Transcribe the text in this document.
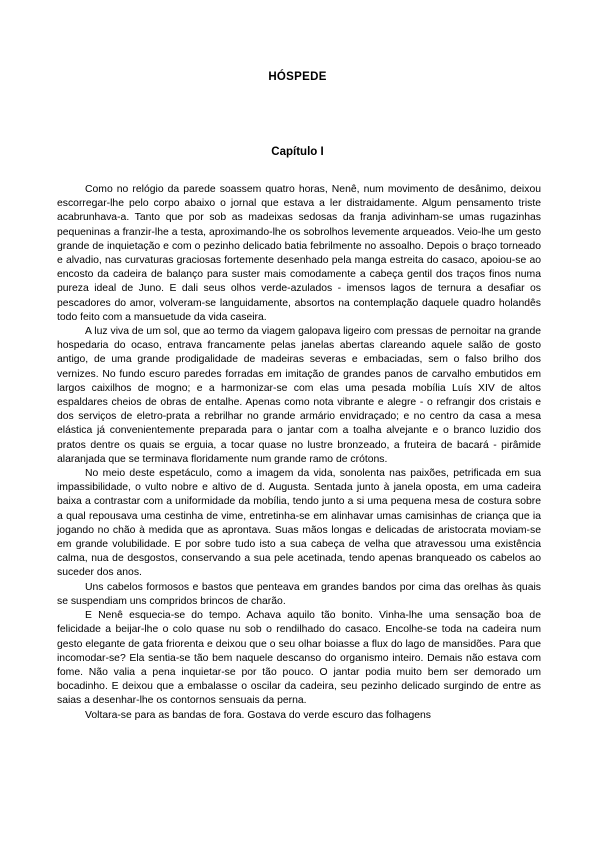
HÓSPEDE
Capítulo I

Como no relógio da parede soassem quatro horas, Nenê, num movimento de desânimo, deixou escorregar-lhe pelo corpo abaixo o jornal que estava a ler distraidamente. Algum pensamento triste acabrunhava-a. Tanto que por sob as madeixas sedosas da franja adivinham-se umas rugazinhas pequeninas a franzir-lhe a testa, aproximando-lhe os sobrolhos levemente arqueados. Veio-lhe um gesto grande de inquietação e com o pezinho delicado batia febrilmente no assoalho. Depois o braço torneado e alvadio, nas curvaturas graciosas fortemente desenhado pela manga estreita do casaco, apoiou-se ao encosto da cadeira de balanço para suster mais comodamente a cabeça gentil dos traços finos numa pureza ideal de Juno. E dali seus olhos verde-azulados - imensos lagos de ternura a desafiar os pescadores do amor, volveram-se languidamente, absortos na contemplação daquele quadro holandês todo feito com a mansuetude da vida caseira.

A luz viva de um sol, que ao termo da viagem galopava ligeiro com pressas de pernoitar na grande hospedaria do ocaso, entrava francamente pelas janelas abertas clareando aquele salão de gosto antigo, de uma grande prodigalidade de madeiras severas e embaciadas, sem o falso brilho dos vernizes. No fundo escuro paredes forradas em imitação de grandes panos de carvalho embutidos em largos caixilhos de mogno; e a harmonizar-se com elas uma pesada mobília Luís XIV de altos espaldares cheios de obras de entalhe. Apenas como nota vibrante e alegre - o refrangir dos cristais e dos serviços de eletro-prata a rebrilhar no grande armário envidraçado; e no centro da casa a mesa elástica já convenientemente preparada para o jantar com a toalha alvejante e o branco luzidio dos pratos dentre os quais se erguia, a tocar quase no lustre bronzeado, a fruteira de bacará - pirâmide alaranjada que se terminava floridamente num grande ramo de crótons.

No meio deste espetáculo, como a imagem da vida, sonolenta nas paixões, petrificada em sua impassibilidade, o vulto nobre e altivo de d. Augusta. Sentada junto à janela oposta, em uma cadeira baixa a contrastar com a uniformidade da mobília, tendo junto a si uma pequena mesa de costura sobre a qual repousava uma cestinha de vime, entretinha-se em alinhavar umas camisinhas de criança que ia jogando no chão à medida que as aprontava. Suas mãos longas e delicadas de aristocrata moviam-se em grande volubilidade. E por sobre tudo isto a sua cabeça de velha que atravessou uma existência calma, nua de desgostos, conservando a sua pele acetinada, tendo apenas branqueado os cabelos ao suceder dos anos.

Uns cabelos formosos e bastos que penteava em grandes bandos por cima das orelhas às quais se suspendiam uns compridos brincos de charão.

E Nenê esquecia-se do tempo. Achava aquilo tão bonito. Vinha-lhe uma sensação boa de felicidade a beijar-lhe o colo quase nu sob o rendilhado do casaco. Encolhe-se toda na cadeira num gesto elegante de gata friorenta e deixou que o seu olhar boiasse a flux do lago de mansidões. Para que incomodar-se? Ela sentia-se tão bem naquele descanso do organismo inteiro. Demais não estava com fome. Não valia a pena inquietar-se por tão pouco. O jantar podia muito bem ser demorado um bocadinho. E deixou que a embalasse o oscilar da cadeira, seu pezinho delicado surgindo de entre as saias a desenhar-lhe os contornos sensuais da perna.

Voltara-se para as bandas de fora. Gostava do verde escuro das folhagens
